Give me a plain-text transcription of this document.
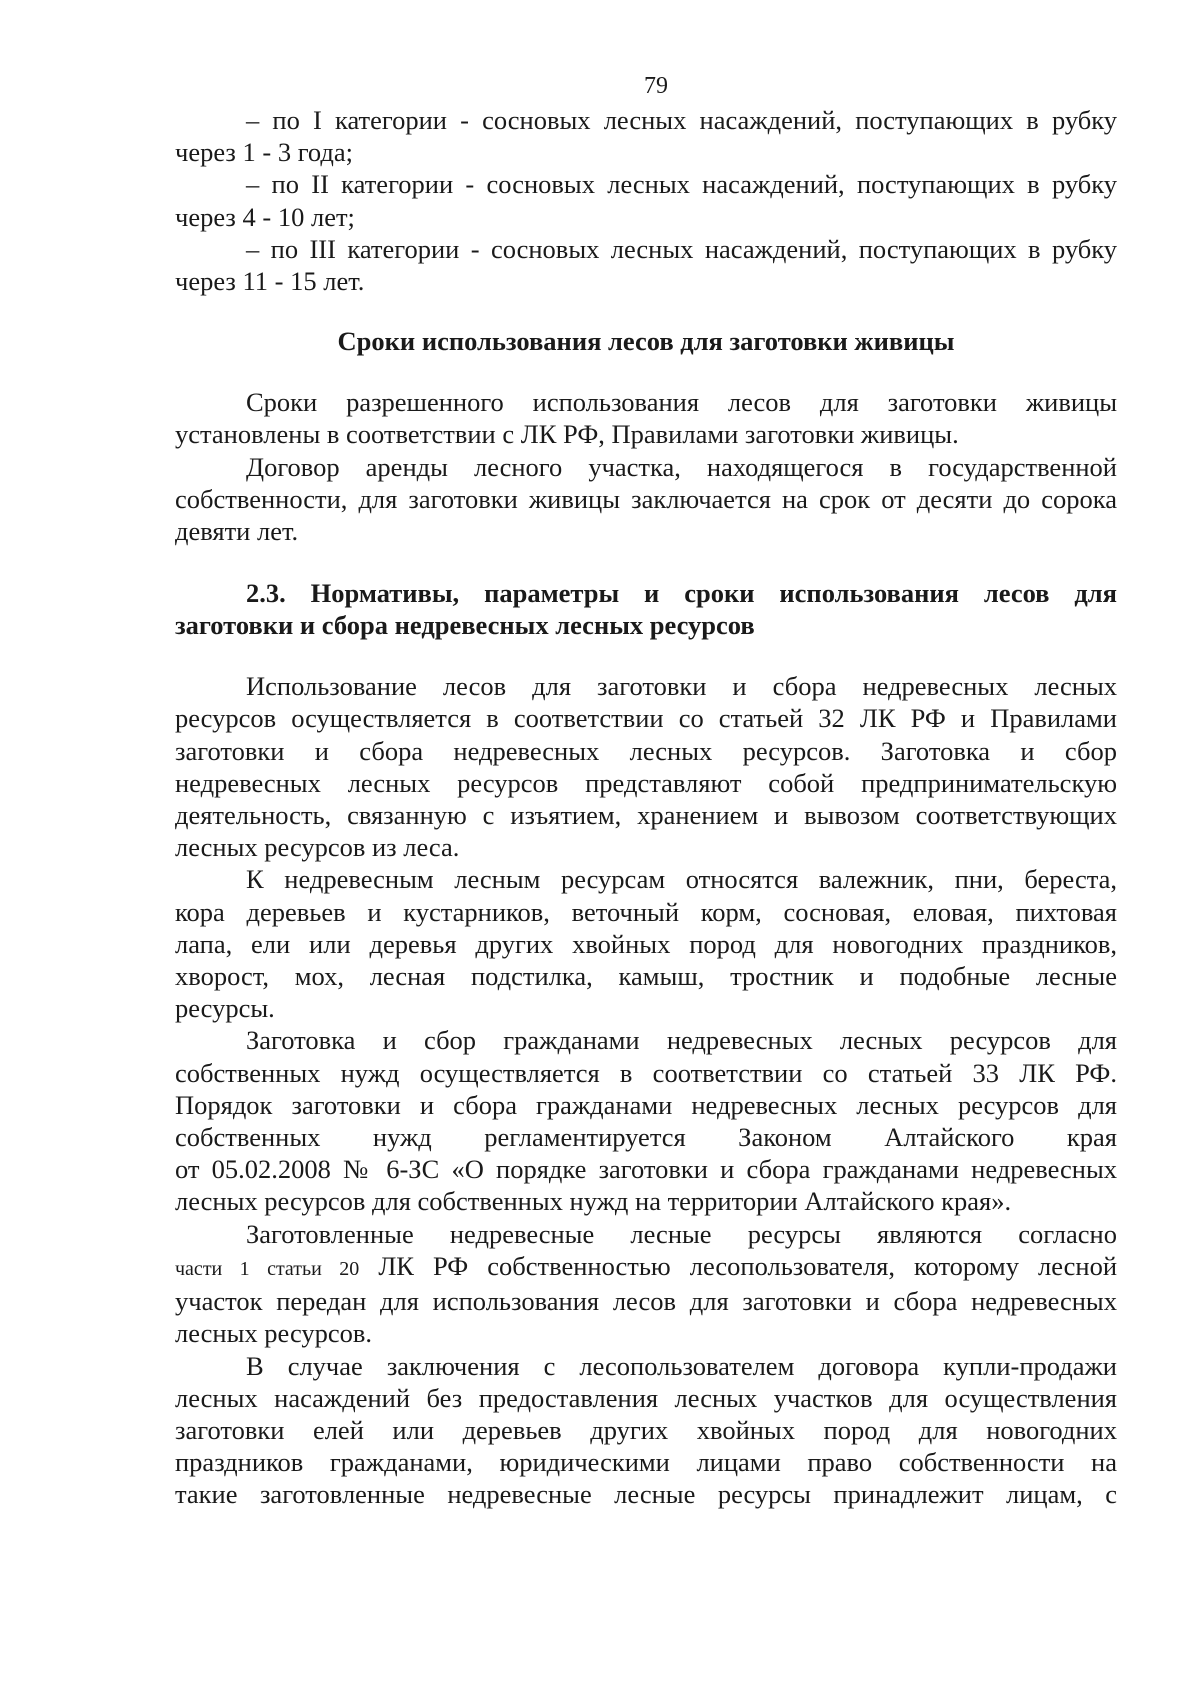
79
– по I категории - сосновых лесных насаждений, поступающих в рубку
через 1 - 3 года;
– по II категории - сосновых лесных насаждений, поступающих в рубку
через 4 - 10 лет;
– по III категории - сосновых лесных насаждений, поступающих в рубку
через 11 - 15 лет.
Сроки использования лесов для заготовки живицы
Сроки разрешенного использования лесов для заготовки живицы
установлены в соответствии с ЛК РФ, Правилами заготовки живицы.
Договор аренды лесного участка, находящегося в государственной
собственности, для заготовки живицы заключается на срок от десяти до сорока
девяти лет.
2.3. Нормативы, параметры и сроки использования лесов для
заготовки и сбора недревесных лесных ресурсов
Использование лесов для заготовки и сбора недревесных лесных
ресурсов осуществляется в соответствии со статьей 32 ЛК РФ и Правилами
заготовки и сбора недревесных лесных ресурсов. Заготовка и сбор
недревесных лесных ресурсов представляют собой предпринимательскую
деятельность, связанную с изъятием, хранением и вывозом соответствующих
лесных ресурсов из леса.
К недревесным лесным ресурсам относятся валежник, пни, береста,
кора деревьев и кустарников, веточный корм, сосновая, еловая, пихтовая
лапа, ели или деревья других хвойных пород для новогодних праздников,
хворост, мох, лесная подстилка, камыш, тростник и подобные лесные
ресурсы.
Заготовка и сбор гражданами недревесных лесных ресурсов для
собственных нужд осуществляется в соответствии со статьей 33 ЛК РФ.
Порядок заготовки и сбора гражданами недревесных лесных ресурсов для
собственных нужд регламентируется Законом Алтайского края
от 05.02.2008 № 6-ЗС «О порядке заготовки и сбора гражданами недревесных
лесных ресурсов для собственных нужд на территории Алтайского края».
Заготовленные недревесные лесные ресурсы являются согласно
части 1 статьи 20 ЛК РФ собственностью лесопользователя, которому лесной
участок передан для использования лесов для заготовки и сбора недревесных
лесных ресурсов.
В случае заключения с лесопользователем договора купли-продажи
лесных насаждений без предоставления лесных участков для осуществления
заготовки елей или деревьев других хвойных пород для новогодних
праздников гражданами, юридическими лицами право собственности на
такие заготовленные недревесные лесные ресурсы принадлежит лицам, с
